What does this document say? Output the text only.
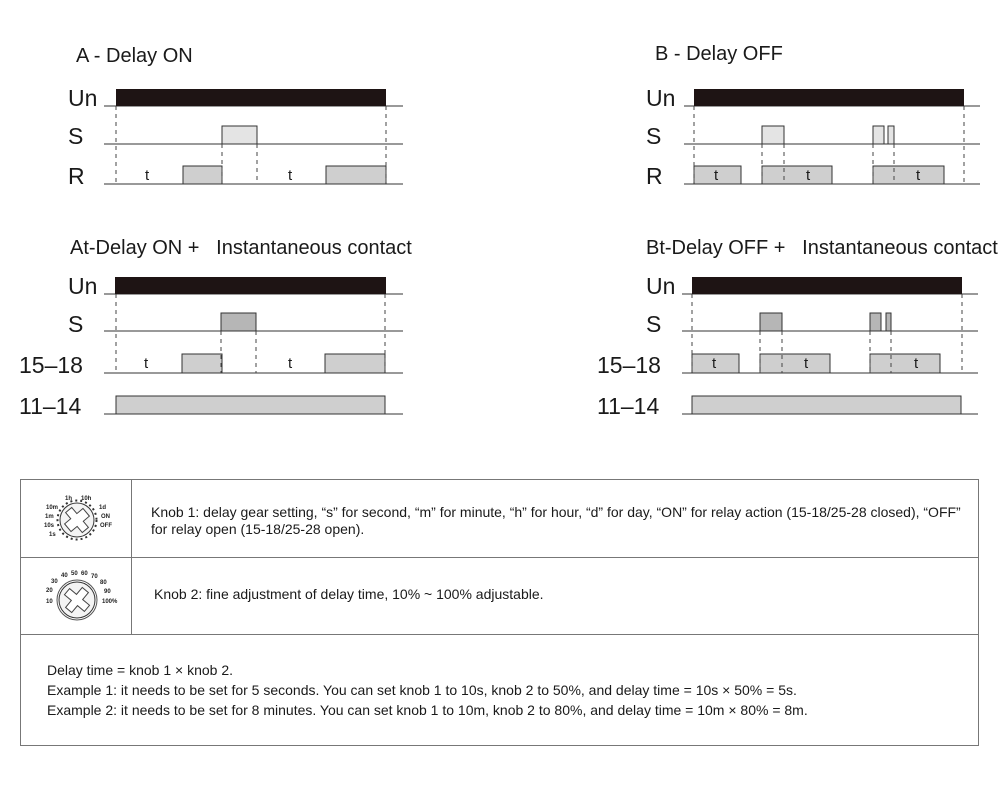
A - Delay ON
Un
S
R	t	t
B - Delay OFF
Un
S
R	t	t	t
At-Delay ON +   Instantaneous contact
Un
S
15–18
11–14
t	t
Bt-Delay OFF +   Instantaneous contact
Un
S
15–18
11–14
t	t	t
1h 10h
10m	1d
1m	ON
10s	OFF
1s
Knob 1: delay gear setting, “s” for second, “m” for minute, “h” for hour, “d” for day, “ON” for relay action (15-18/25-28 closed), “OFF” for relay open (15-18/25-28 open).
40 50 60 70
30	80
20	90
10	100%	Knob 2: fine adjustment of delay time, 10% ~ 100% adjustable.
Delay time = knob 1 × knob 2.
Example 1: it needs to be set for 5 seconds. You can set knob 1 to 10s, knob 2 to 50%, and delay time = 10s × 50% = 5s.
Example 2: it needs to be set for 8 minutes. You can set knob 1 to 10m, knob 2 to 80%, and delay time = 10m × 80% = 8m.
